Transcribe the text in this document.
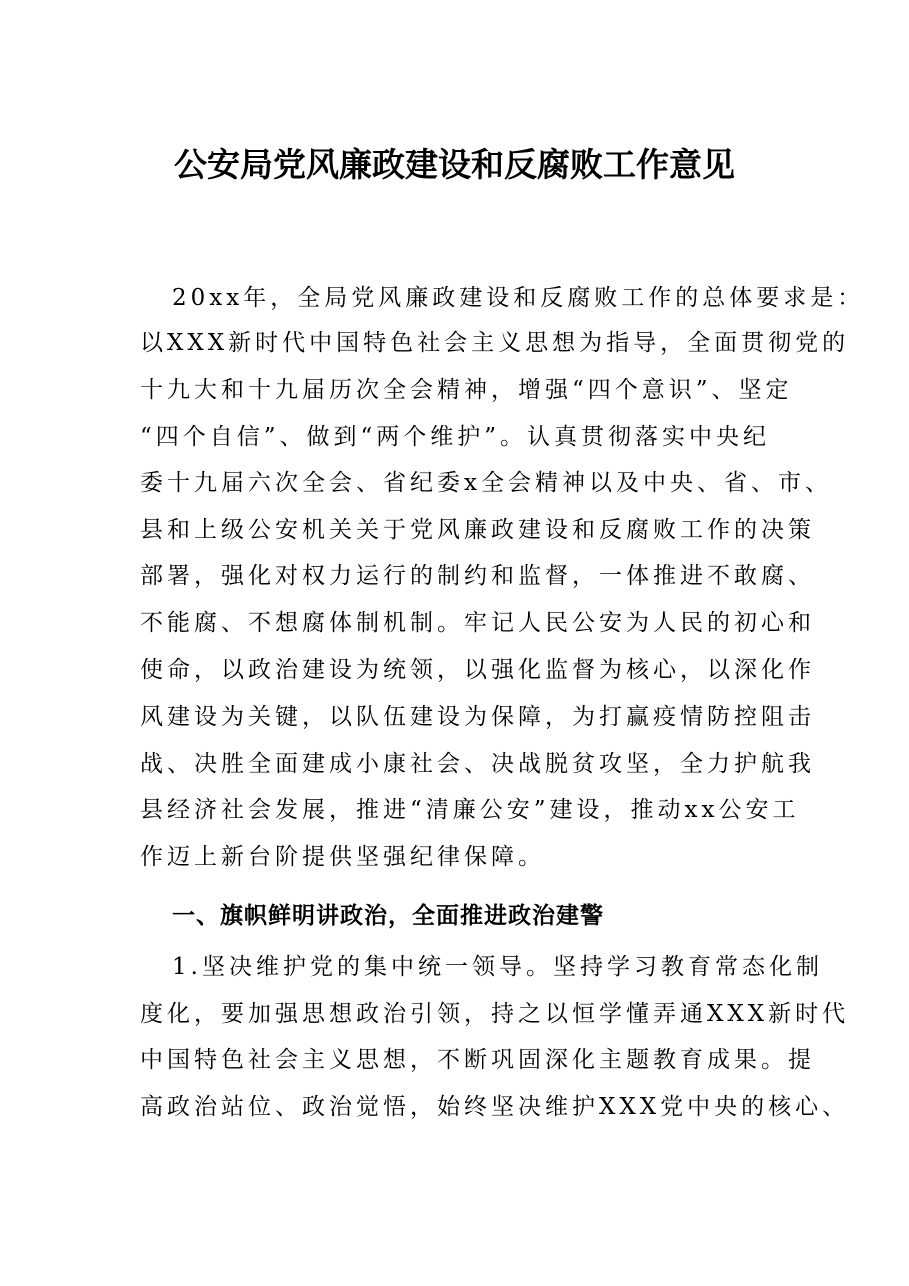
公安局党风廉政建设和反腐败工作意见
20xx年，全局党风廉政建设和反腐败工作的总体要求是：
以XXX新时代中国特色社会主义思想为指导，全面贯彻党的
十九大和十九届历次全会精神，增强“四个意识”、坚定
“四个自信”、做到“两个维护”。认真贯彻落实中央纪
委十九届六次全会、省纪委x全会精神以及中央、省、市、
县和上级公安机关关于党风廉政建设和反腐败工作的决策
部署，强化对权力运行的制约和监督，一体推进不敢腐、
不能腐、不想腐体制机制。牢记人民公安为人民的初心和
使命，以政治建设为统领，以强化监督为核心，以深化作
风建设为关键，以队伍建设为保障，为打赢疫情防控阻击
战、决胜全面建成小康社会、决战脱贫攻坚，全力护航我
县经济社会发展，推进“清廉公安”建设，推动xx公安工
作迈上新台阶提供坚强纪律保障。
一、旗帜鲜明讲政治，全面推进政治建警
1.坚决维护党的集中统一领导。坚持学习教育常态化制
度化，要加强思想政治引领，持之以恒学懂弄通XXX新时代
中国特色社会主义思想，不断巩固深化主题教育成果。提
高政治站位、政治觉悟，始终坚决维护XXX党中央的核心、
